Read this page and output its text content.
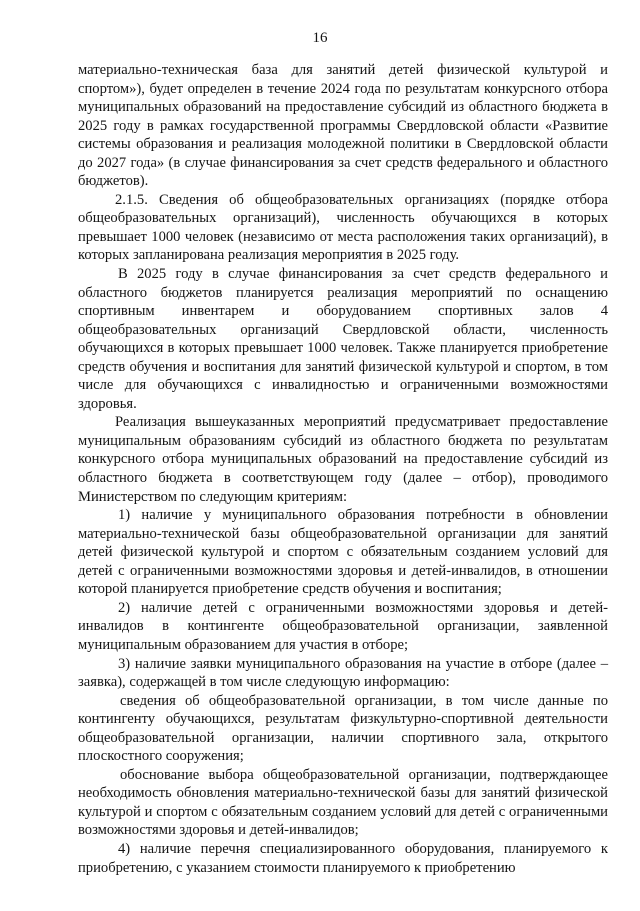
16

материально-техническая база для занятий детей физической культурой и спортом»), будет определен в течение 2024 года по результатам конкурсного отбора муниципальных образований на предоставление субсидий из областного бюджета в 2025 году в рамках государственной программы Свердловской области «Развитие системы образования и реализация молодежной политики в Свердловской области до 2027 года» (в случае финансирования за счет средств федерального и областного бюджетов).

2.1.5. Сведения об общеобразовательных организациях (порядке отбора общеобразовательных организаций), численность обучающихся в которых превышает 1000 человек (независимо от места расположения таких организаций), в которых запланирована реализация мероприятия в 2025 году.

В 2025 году в случае финансирования за счет средств федерального и областного бюджетов планируется реализация мероприятий по оснащению спортивным инвентарем и оборудованием спортивных залов 4 общеобразовательных организаций Свердловской области, численность обучающихся в которых превышает 1000 человек. Также планируется приобретение средств обучения и воспитания для занятий физической культурой и спортом, в том числе для обучающихся с инвалидностью и ограниченными возможностями здоровья.

Реализация вышеуказанных мероприятий предусматривает предоставление муниципальным образованиям субсидий из областного бюджета по результатам конкурсного отбора муниципальных образований на предоставление субсидий из областного бюджета в соответствующем году (далее – отбор), проводимого Министерством по следующим критериям:

1) наличие у муниципального образования потребности в обновлении материально-технической базы общеобразовательной организации для занятий детей физической культурой и спортом с обязательным созданием условий для детей с ограниченными возможностями здоровья и детей-инвалидов, в отношении которой планируется приобретение средств обучения и воспитания;

2) наличие детей с ограниченными возможностями здоровья и детей-инвалидов в контингенте общеобразовательной организации, заявленной муниципальным образованием для участия в отборе;

3) наличие заявки муниципального образования на участие в отборе (далее – заявка), содержащей в том числе следующую информацию:

сведения об общеобразовательной организации, в том числе данные по контингенту обучающихся, результатам физкультурно-спортивной деятельности общеобразовательной организации, наличии спортивного зала, открытого плоскостного сооружения;

обоснование выбора общеобразовательной организации, подтверждающее необходимость обновления материально-технической базы для занятий физической культурой и спортом с обязательным созданием условий для детей с ограниченными возможностями здоровья и детей-инвалидов;

4) наличие перечня специализированного оборудования, планируемого к приобретению, с указанием стоимости планируемого к приобретению
